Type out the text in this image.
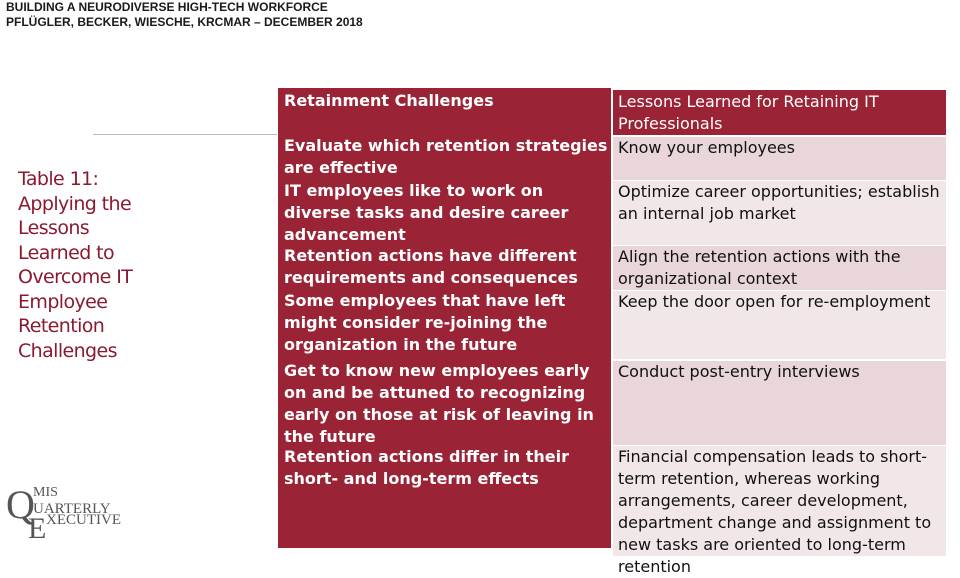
BUILDING A NEURODIVERSE HIGH-TECH WORKFORCE
PFLÜGLER, BECKER, WIESCHE, KRCMAR – DECEMBER 2018
Table 11: Applying the Lessons Learned to Overcome IT Employee Retention Challenges
Q
MIS
UARTERLY
E XECUTIVE
Retainment Challenges	Lessons Learned for Retaining IT Professionals
Evaluate which retention strategies are effective
Know your employees
IT employees like to work on diverse tasks and desire career advancement
Optimize career opportunities; establish an internal job market
Retention actions have different requirements and consequences
Align the retention actions with the organizational context
Some employees that have left might consider re-joining the organization in the future
Keep the door open for re-employment
Get to know new employees early on and be attuned to recognizing early on those at risk of leaving in the future
Conduct post-entry interviews
Retention actions differ in their short- and long-term effects
Financial compensation leads to short-term retention, whereas working arrangements, career development, department change and assignment to new tasks are oriented to long-term retention
